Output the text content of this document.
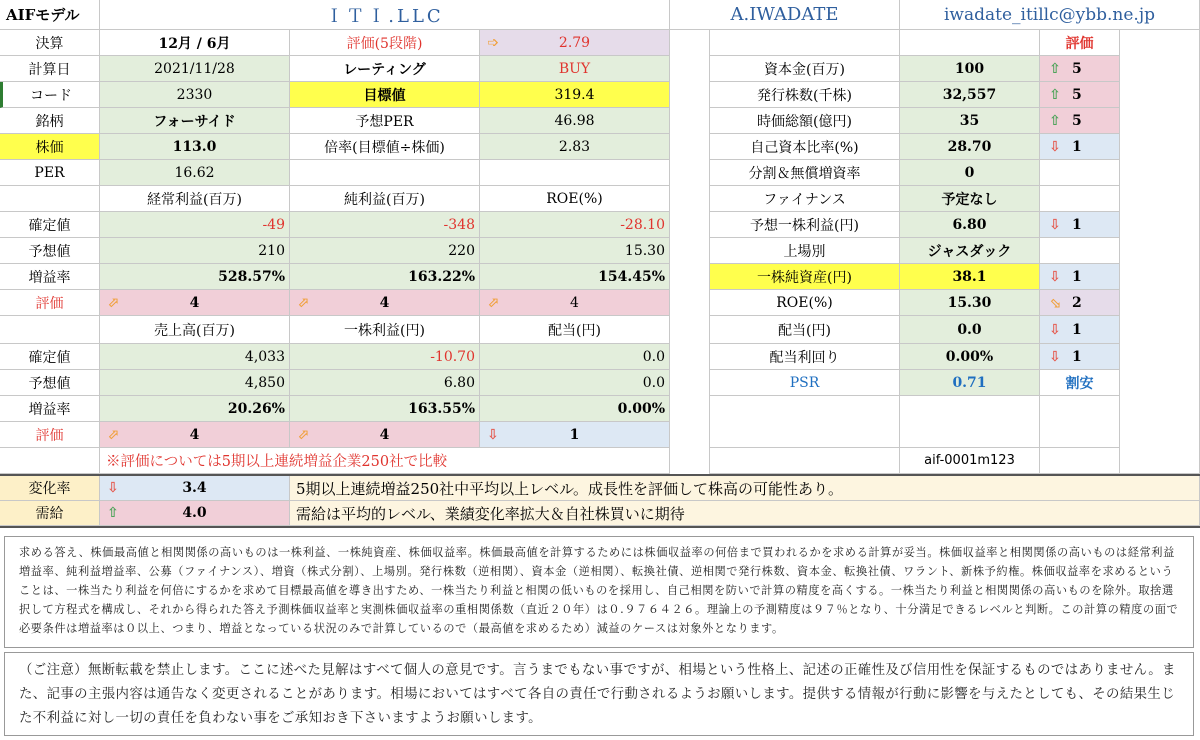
AIFモデル	ＩＴＩ.LLC	A.IWADATE	iwadate_itillc@ybb.ne.jp
決算	12月 / 6月	評価(5段階)	➩	2.79
計算日	2021/11/28	レーティング	BUY
コード	2330	目標値	319.4
銘柄	フォーサイド	予想PER	46.98
株価	113.0	倍率(目標値÷株価)	2.83
PER	16.62
経常利益(百万)	純利益(百万)	ROE(%)
確定値	-49	-348	-28.10
予想値	210	220	15.30
増益率	528.57%	163.22%	154.45%
評価	⬀	4	⬀	4	⬀	4
売上高(百万)	一株利益(円)	配当(円)
確定値	4,033	-10.70	0.0
予想値	4,850	6.80	0.0
増益率	20.26%	163.55%	0.00%
評価	⬀	4	⬀	4	⇩	1
※評価については5期以上連続増益企業250社で比較
評価
資本金(百万)	100	⇧ 5
発行株数(千株)	32,557	⇧ 5
時価総額(億円)	35	⇧ 5
自己資本比率(%)	28.70	⇩ 1
分割＆無償増資率	0
ファイナンス	予定なし
予想一株利益(円)	6.80	⇩ 1
上場別	ジャスダック
一株純資産(円)	38.1	⇩ 1
ROE(%)	15.30	⬂ 2
配当(円)	0.0	⇩ 1
配当利回り	0.00%	⇩ 1
PSR	0.71	割安
aif-0001m123
変化率	⇩	3.4	5期以上連続増益250社中平均以上レベル。成長性を評価して株高の可能性あり。
需給	⇧	4.0	需給は平均的レベル、業績変化率拡大＆自社株買いに期待
求める答え、株価最高値と相関関係の高いものは一株利益、一株純資産、株価収益率。株価最高値を計算するためには株価収益率の何倍まで買われるかを求める計算が妥当。株価収益率と相関関係の高いものは経常利益増益率、純利益増益率、公募（ファイナンス）、増資（株式分割）、上場別。発行株数（逆相関）、資本金（逆相関）、転換社債、逆相関で発行株数、資本金、転換社債、ワラント、新株予約権。株価収益率を求めるということは、一株当たり利益を何倍にするかを求めて目標最高値を導き出すため、一株当たり利益と相関の低いものを採用し、自己相関を防いで計算の精度を高くする。一株当たり利益と相関関係の高いものを除外。取捨選択して方程式を構成し、それから得られた答え予測株価収益率と実測株価収益率の重相関係数（直近２０年）は０.９７６４２６。理論上の予測精度は９７％となり、十分満足できるレベルと判断。この計算の精度の面で必要条件は増益率は０以上、つまり、増益となっている状況のみで計算しているので（最高値を求めるため）減益のケースは対象外となります。
（ご注意）無断転載を禁止します。ここに述べた見解はすべて個人の意見です。言うまでもない事ですが、相場という性格上、記述の正確性及び信用性を保証するものではありません。また、記事の主張内容は通告なく変更されることがあります。相場においてはすべて各自の責任で行動されるようお願いします。提供する情報が行動に影響を与えたとしても、その結果生じた不利益に対し一切の責任を負わない事をご承知おき下さいますようお願いします。
